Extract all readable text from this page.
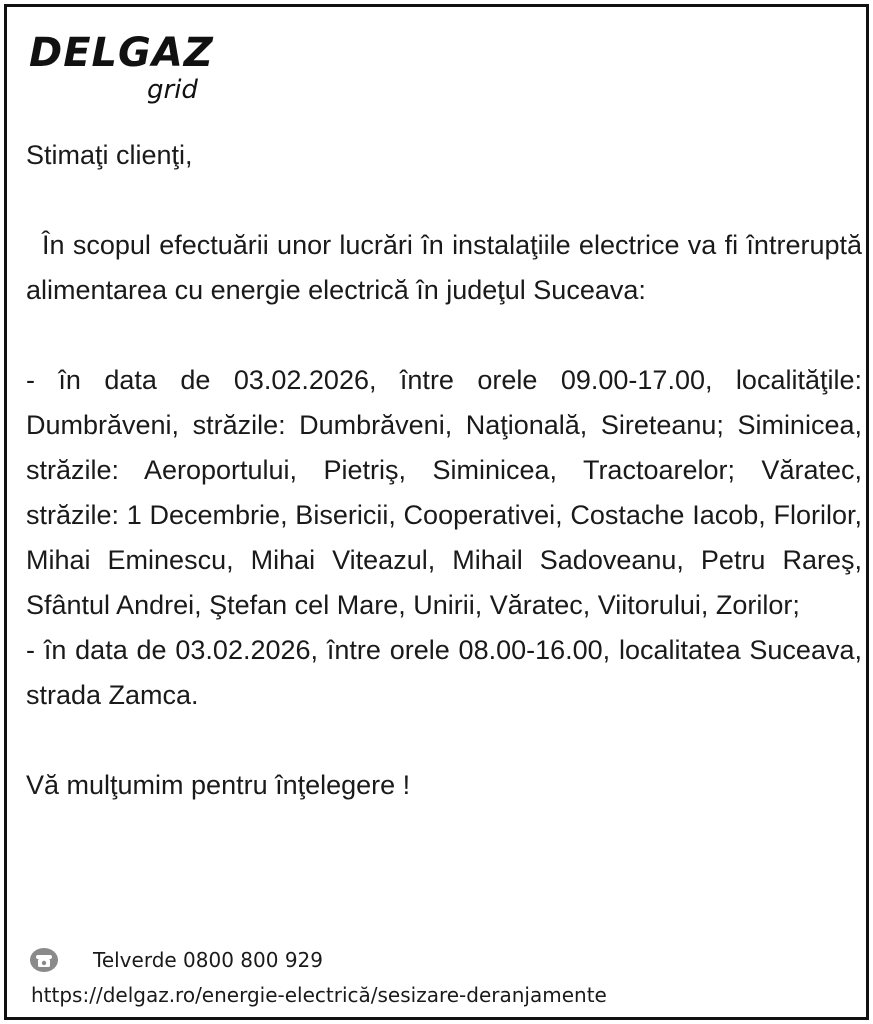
DELGAZ
grid

Stimaţi clienţi,

În scopul efectuării unor lucrări în instalaţiile electrice va fi întreruptă alimentarea cu energie electrică în judeţul Suceava:

- în data de 03.02.2026, între orele 09.00-17.00, localităţile: Dumbrăveni, străzile: Dumbrăveni, Naţională, Sireteanu; Siminicea, străzile: Aeroportului, Pietriş, Siminicea, Tractoarelor; Văratec, străzile: 1 Decembrie, Bisericii, Cooperativei, Costache Iacob, Florilor, Mihai Eminescu, Mihai Viteazul, Mihail Sadoveanu, Petru Rareş, Sfântul Andrei, Ştefan cel Mare, Unirii, Văratec, Viitorului, Zorilor;

- în data de 03.02.2026, între orele 08.00-16.00, localitatea Suceava, strada Zamca.

Vă mulţumim pentru înţelegere !

Telverde 0800 800 929
https://delgaz.ro/energie-electrică/sesizare-deranjamente
